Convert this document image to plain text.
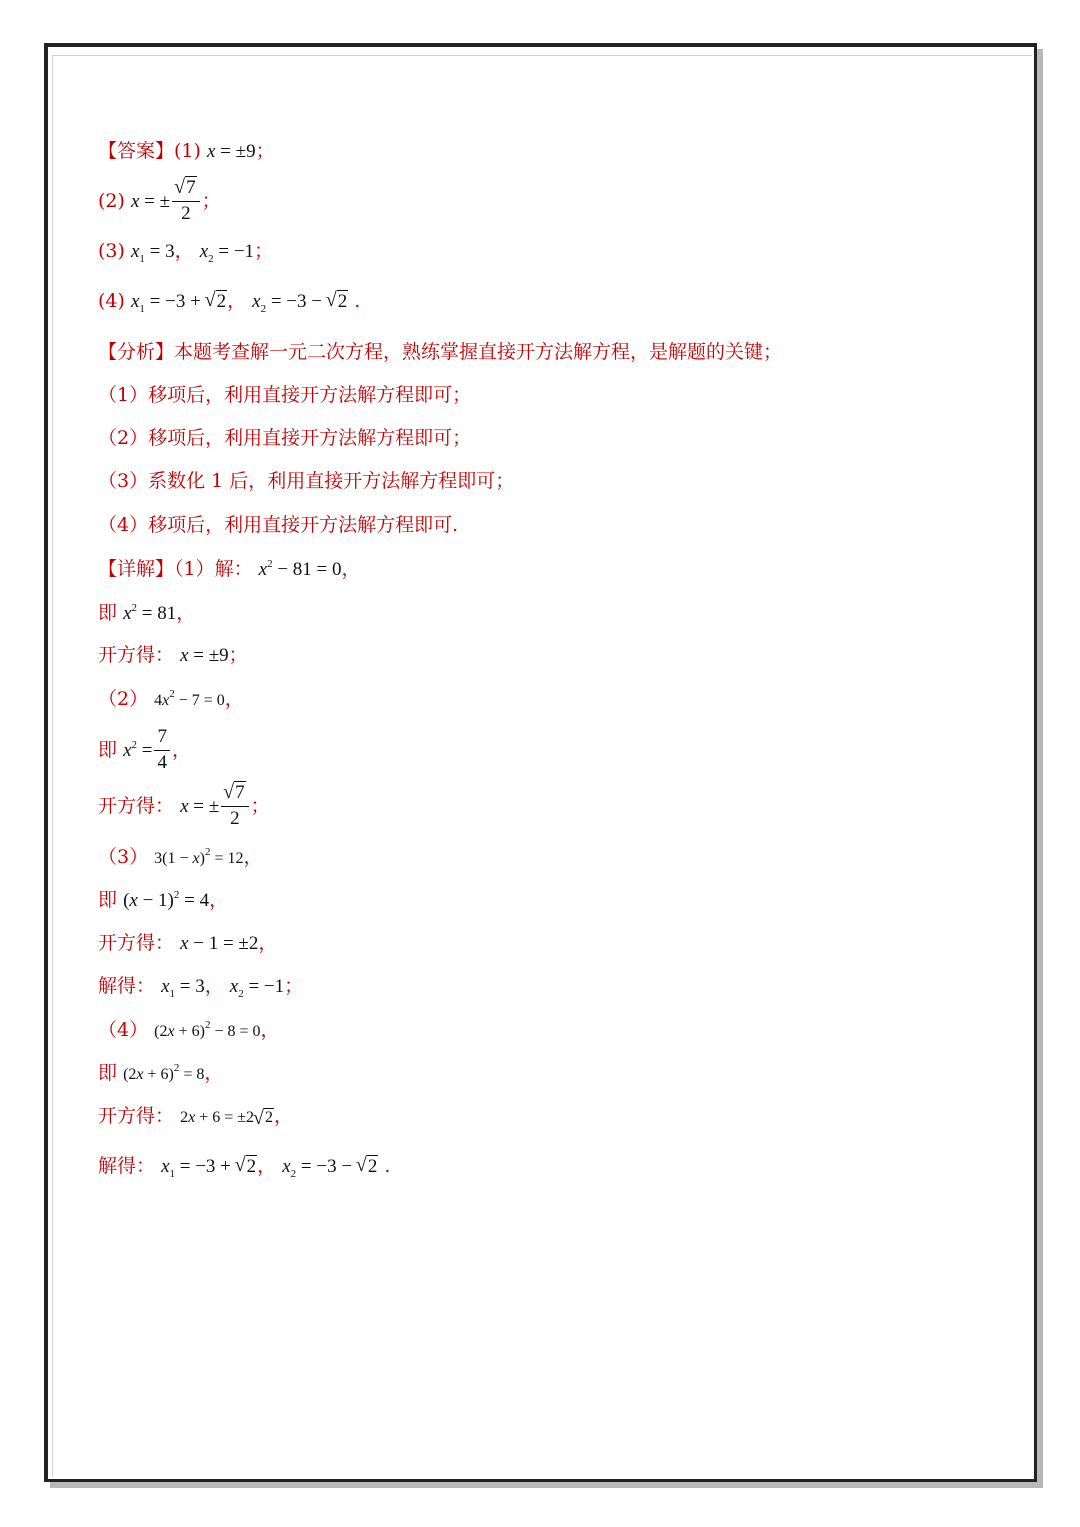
【答案】(1) x = ±9；
(2) x = ± √ $\frac{7}{2}$ ；
(3) $x_1 = 3$， $x_2 = -1$；
(4) $x_1 = -3$ + √ 2， $x_2 = -3$ − √ 2 .
【分析】本题考查解一元二次方程，熟练掌握直接开方法解方程，是解题的关键；
（1）移项后，利用直接开方法解方程即可；
（2）移项后，利用直接开方法解方程即可；
（3）系数化 1 后，利用直接开方法解方程即可；
（4）移项后，利用直接开方法解方程即可.
【详解】（1）解： $x^2 - 81 = 0$，
即 $x^2 = 81$，
开方得： x = ±9；
（2） $4x^2 - 7 = 0$，
即 $x^2 = \frac{7}{4}$ ，
开方得： x = ± √ $\frac{7}{2}$ ；
（3） $3(1 - x)^2 = 12$，
即 $(x - 1)^2 = 4$，
开方得： x − 1 = ±2，
解得： $x_1 = 3$， $x_2 = -1$；
（4） $(2x + 6)^2 - 8 = 0$，
即 $(2x + 6)^2 = 8$，
开方得： 2x + 6 = ±2 √ 2，
解得： $x_1 = -3$ + √ 2， $x_2 = -3$ − √ 2 .
